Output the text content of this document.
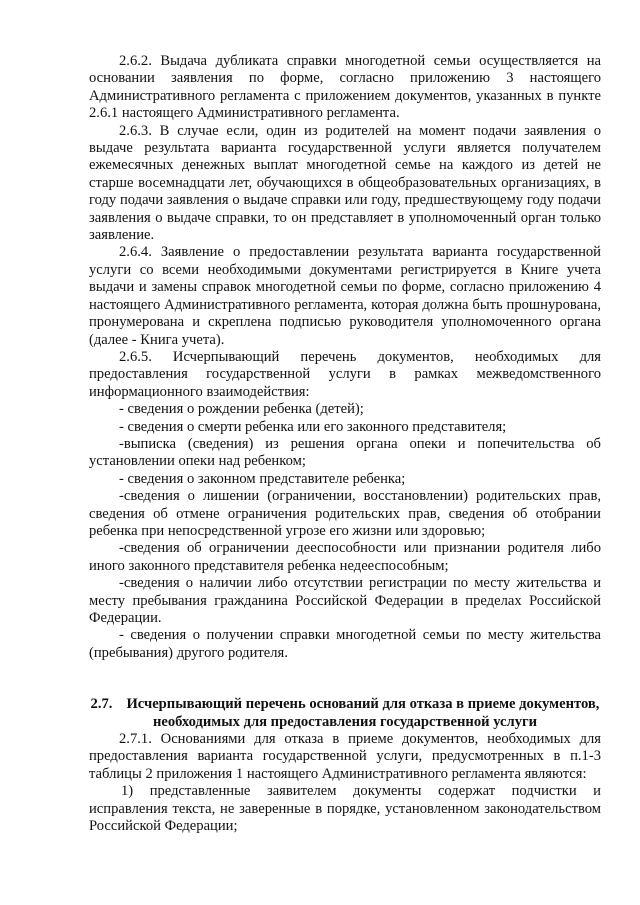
2.6.2. Выдача дубликата справки многодетной семьи осуществляется на основании заявления по форме, согласно приложению 3 настоящего Административного регламента с приложением документов, указанных в пункте 2.6.1 настоящего Административного регламента.

2.6.3. В случае если, один из родителей на момент подачи заявления о выдаче результата варианта государственной услуги является получателем ежемесячных денежных выплат многодетной семье на каждого из детей не старше восемнадцати лет, обучающихся в общеобразовательных организациях, в году подачи заявления о выдаче справки или году, предшествующему году подачи заявления о выдаче справки, то он представляет в уполномоченный орган только заявление.

2.6.4. Заявление о предоставлении результата варианта государственной услуги со всеми необходимыми документами регистрируется в Книге учета выдачи и замены справок многодетной семьи по форме, согласно приложению 4 настоящего Административного регламента, которая должна быть прошнурована, пронумерована и скреплена подписью руководителя уполномоченного органа (далее - Книга учета).

2.6.5. Исчерпывающий перечень документов, необходимых для предоставления государственной услуги в рамках межведомственного информационного взаимодействия:

- сведения о рождении ребенка (детей);

- сведения о смерти ребенка или его законного представителя;

-выписка (сведения) из решения органа опеки и попечительства об установлении опеки над ребенком;

- сведения о законном представителе ребенка;

-сведения о лишении (ограничении, восстановлении) родительских прав, сведения об отмене ограничения родительских прав, сведения об отобрании ребенка при непосредственной угрозе его жизни или здоровью;

-сведения об ограничении дееспособности или признании родителя либо иного законного представителя ребенка недееспособным;

-сведения о наличии либо отсутствии регистрации по месту жительства и месту пребывания гражданина Российской Федерации в пределах Российской Федерации.

- сведения о получении справки многодетной семьи по месту жительства (пребывания) другого родителя.

2.7. Исчерпывающий перечень оснований для отказа в приеме документов, необходимых для предоставления государственной услуги

2.7.1. Основаниями для отказа в приеме документов, необходимых для предоставления варианта государственной услуги, предусмотренных в п.1-3 таблицы 2 приложения 1 настоящего Административного регламента являются:

1) представленные заявителем документы содержат подчистки и исправления текста, не заверенные в порядке, установленном законодательством Российской Федерации;
